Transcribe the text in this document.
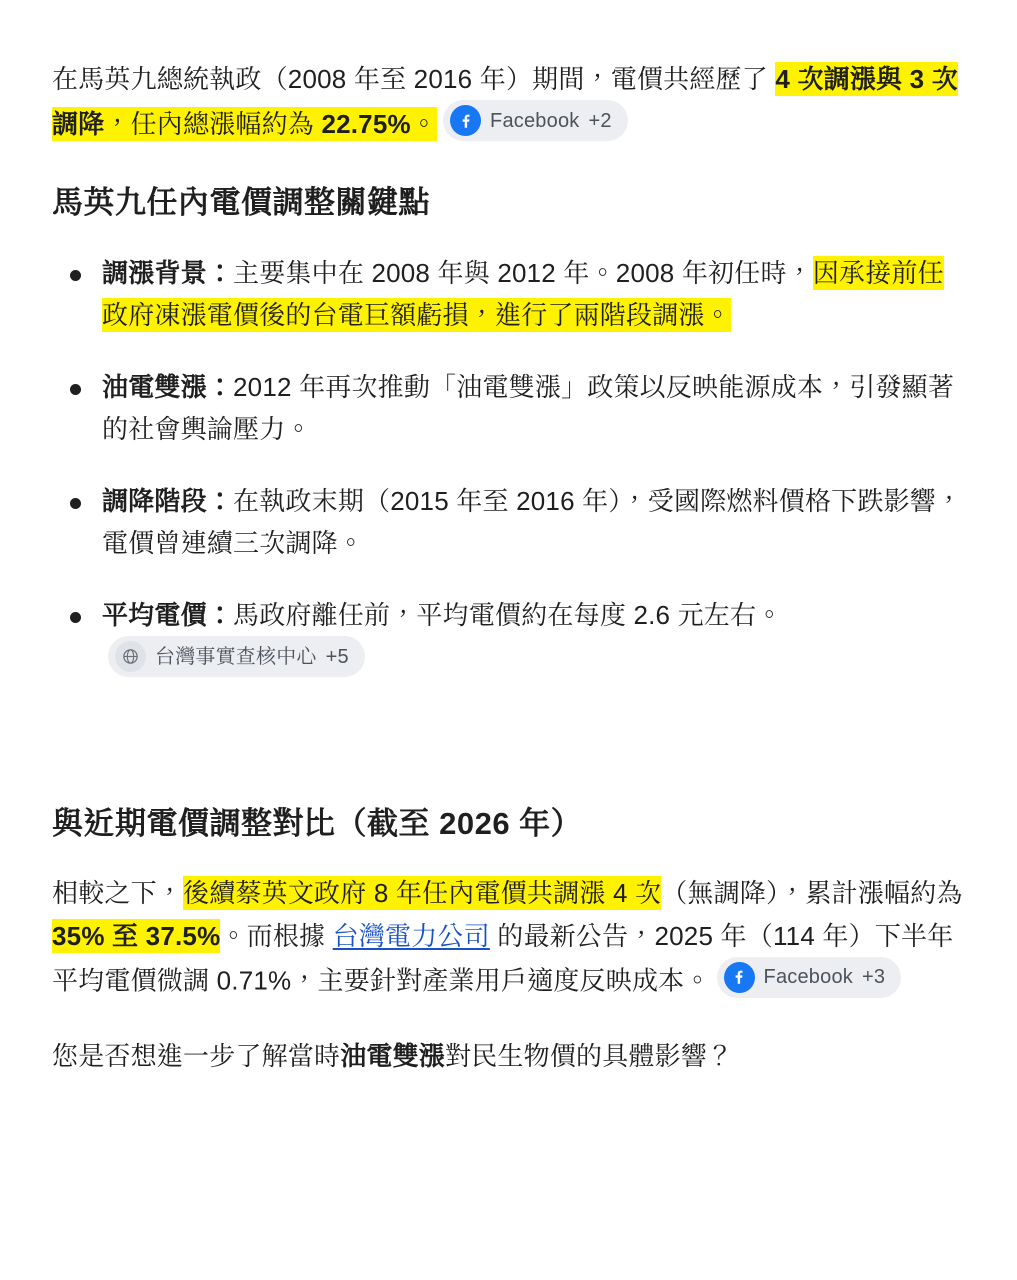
在馬英九總統執政（2008 年至 2016 年）期間，電價共經歷了 4 次調漲與 3 次調降，任內總漲幅約為 22.75%。	Facebook +2

馬英九任內電價調整關鍵點
調漲背景：主要集中在 2008 年與 2012 年。2008 年初任時，因承接前任政府凍漲電價後的台電巨額虧損，進行了兩階段調漲。
油電雙漲：2012 年再次推動「油電雙漲」政策以反映能源成本，引發顯著的社會輿論壓力。
調降階段：在執政末期（2015 年至 2016 年），受國際燃料價格下跌影響，電價曾連續三次調降。
平均電價：馬政府離任前，平均電價約在每度 2.6 元左右。
台灣事實查核中心 +5
與近期電價調整對比（截至 2026 年）

相較之下，後續蔡英文政府 8 年任內電價共調漲 4 次（無調降），累計漲幅約為 35% 至 37.5%。而根據 台灣電力公司 的最新公告，2025 年（114 年）下半年平均電價微調 0.71%，主要針對產業用戶適度反映成本。	Facebook +3

您是否想進一步了解當時油電雙漲對民生物價的具體影響？
